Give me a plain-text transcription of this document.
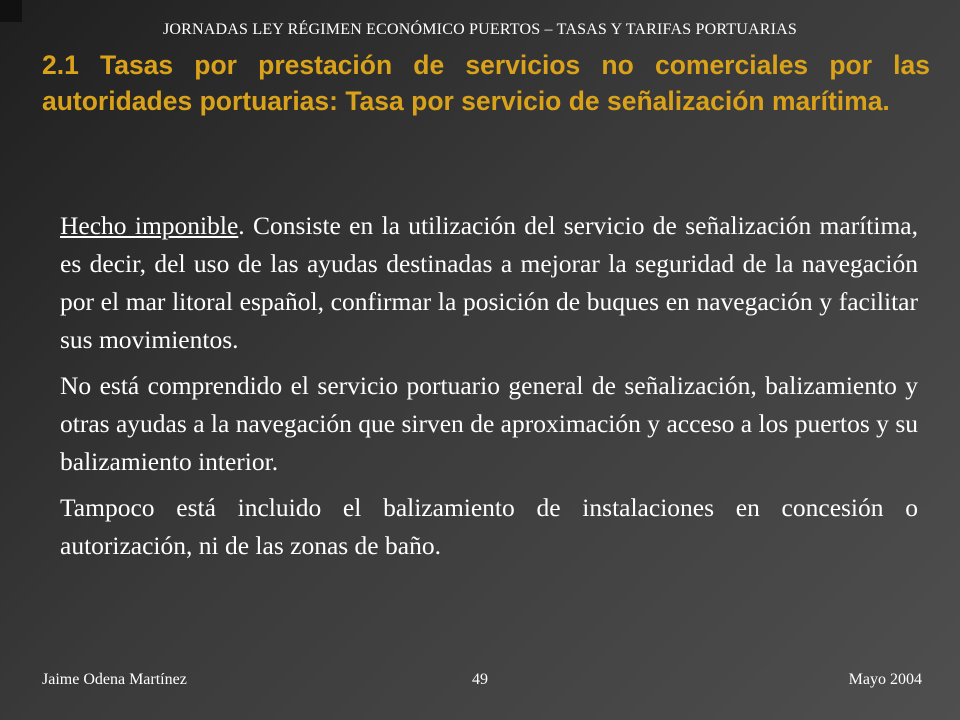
JORNADAS LEY RÉGIMEN ECONÓMICO PUERTOS – TASAS Y TARIFAS PORTUARIAS
2.1 Tasas por prestación de servicios no comerciales por las autoridades portuarias: Tasa por servicio de señalización marítima.

Hecho imponible. Consiste en la utilización del servicio de señalización marítima, es decir, del uso de las ayudas destinadas a mejorar la seguridad de la navegación por el mar litoral español, confirmar la posición de buques en navegación y facilitar sus movimientos.

No está comprendido el servicio portuario general de señalización, balizamiento y otras ayudas a la navegación que sirven de aproximación y acceso a los puertos y su balizamiento interior.

Tampoco está incluido el balizamiento de instalaciones en concesión o autorización, ni de las zonas de baño.

Jaime Odena Martínez	49	Mayo 2004
